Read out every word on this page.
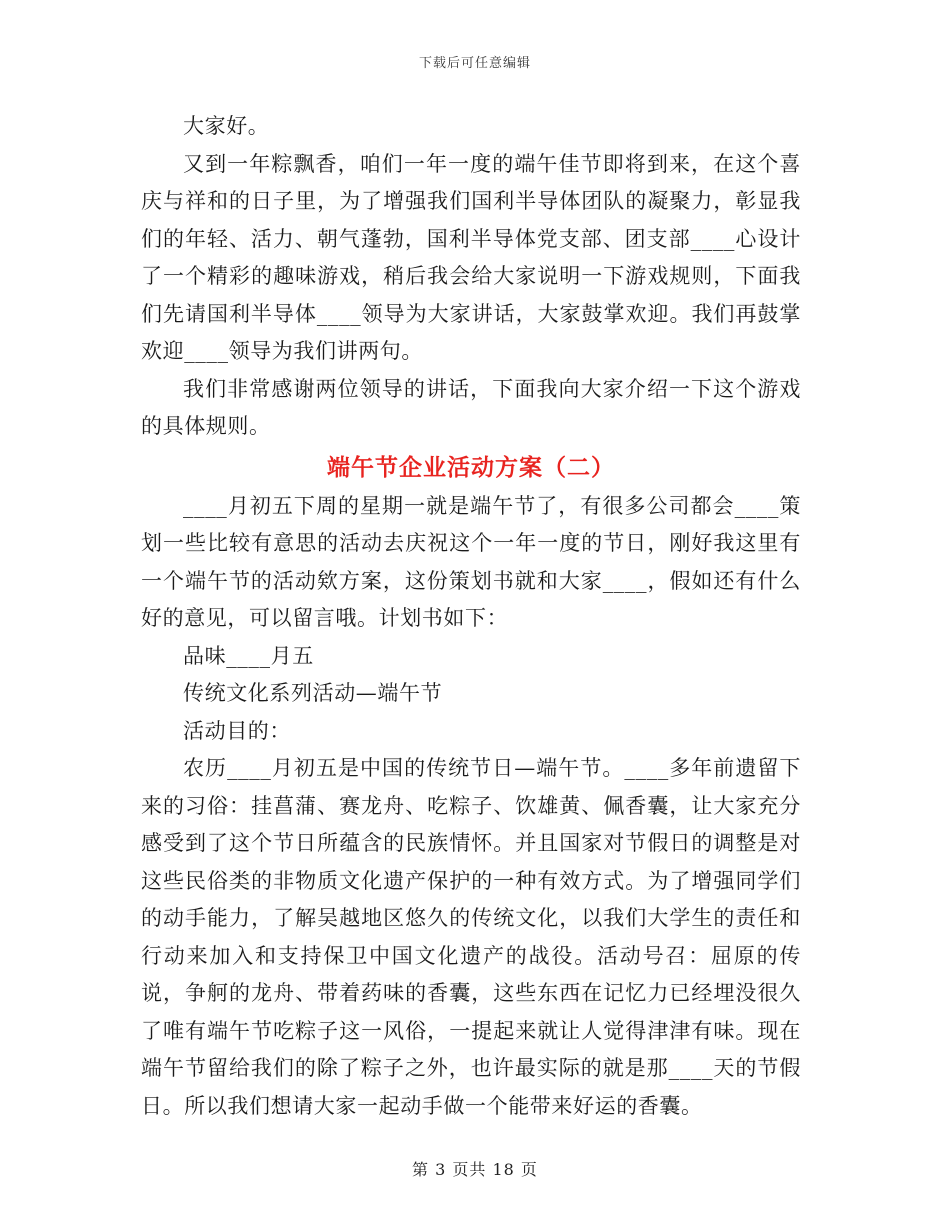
下载后可任意编辑

大家好。

又到一年粽飘香，咱们一年一度的端午佳节即将到来，在这个喜庆与祥和的日子里，为了增强我们国利半导体团队的凝聚力，彰显我们的年轻、活力、朝气蓬勃，国利半导体党支部、团支部____心设计了一个精彩的趣味游戏，稍后我会给大家说明一下游戏规则，下面我们先请国利半导体____领导为大家讲话，大家鼓掌欢迎。我们再鼓掌欢迎____领导为我们讲两句。

我们非常感谢两位领导的讲话，下面我向大家介绍一下这个游戏的具体规则。

端午节企业活动方案（二）

____月初五下周的星期一就是端午节了，有很多公司都会____策划一些比较有意思的活动去庆祝这个一年一度的节日，刚好我这里有一个端午节的活动欸方案，这份策划书就和大家____，假如还有什么好的意见，可以留言哦。计划书如下：

品味____月五

传统文化系列活动—端午节

活动目的：

农历____月初五是中国的传统节日—端午节。____多年前遗留下来的习俗：挂菖蒲、赛龙舟、吃粽子、饮雄黄、佩香囊，让大家充分感受到了这个节日所蕴含的民族情怀。并且国家对节假日的调整是对这些民俗类的非物质文化遗产保护的一种有效方式。为了增强同学们的动手能力，了解吴越地区悠久的传统文化，以我们大学生的责任和行动来加入和支持保卫中国文化遗产的战役。活动号召：屈原的传说，争舸的龙舟、带着药味的香囊，这些东西在记忆力已经埋没很久了唯有端午节吃粽子这一风俗，一提起来就让人觉得津津有味。现在端午节留给我们的除了粽子之外，也许最实际的就是那____天的节假日。所以我们想请大家一起动手做一个能带来好运的香囊。

第 3 页共 18 页
